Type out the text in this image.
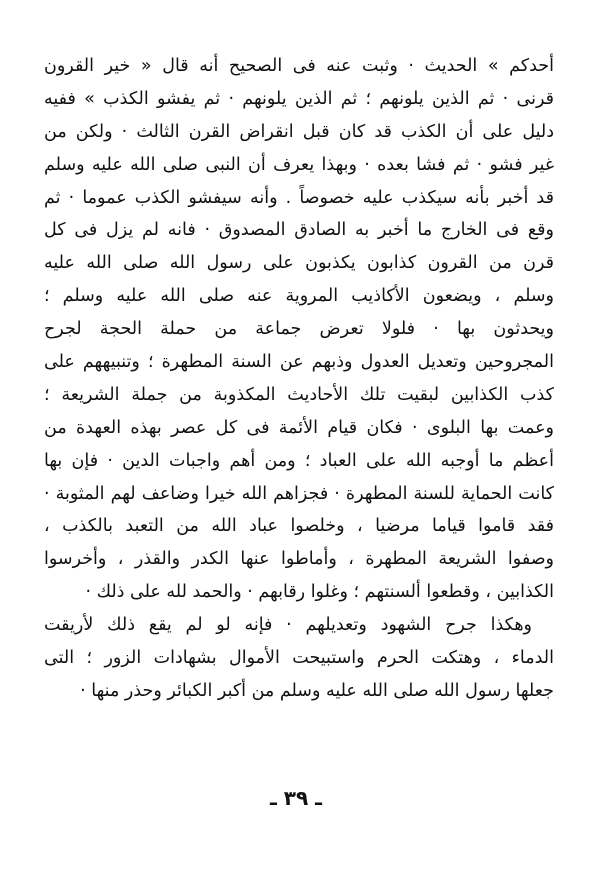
أحدكم » الحديث · وثبت عنه فى الصحيح أنه قال « خير القرون
قرنى · ثم الذين يلونهم ؛ ثم الذين يلونهم · ثم يفشو الكذب » ففيه
دليل على أن الكذب قد كان قبل انقراض القرن الثالث · ولكن من
غير فشو · ثم فشا بعده · وبهذا يعرف أن النبى صلى الله عليه وسلم
قد أخبر بأنه سيكذب عليه خصوصاً . وأنه سيفشو الكذب عموما · ثم
وقع فى الخارج ما أخبر به الصادق المصدوق · فانه لم يزل فى كل
قرن من القرون كذابون يكذبون على رسول الله صلى الله عليه
وسلم ، ويضعون الأكاذيب المروية عنه صلى الله عليه وسلم ؛
ويحدثون بها · فلولا تعرض جماعة من حملة الحجة لجرح
المجروحين وتعديل العدول وذبهم عن السنة المطهرة ؛ وتنبيههم على
كذب الكذابين لبقيت تلك الأحاديث المكذوبة من جملة الشريعة ؛
وعمت بها البلوى · فكان قيام الأئمة فى كل عصر بهذه العهدة من
أعظم ما أوجبه الله على العباد ؛ ومن أهم واجبات الدين · فإن بها
كانت الحماية للسنة المطهرة · فجزاهم الله خيرا وضاعف لهم المثوبة ·
فقد قاموا قياما مرضيا ، وخلصوا عباد الله من التعبد بالكذب ،
وصفوا الشريعة المطهرة ، وأماطوا عنها الكدر والقذر ، وأخرسوا
الكذابين ، وقطعوا ألسنتهم ؛ وغلوا رقابهم · والحمد لله على ذلك ·
وهكذا جرح الشهود وتعديلهم · فإنه لو لم يقع ذلك لأريقت
الدماء ، وهتكت الحرم واستبيحت الأموال بشهادات الزور ؛ التى
جعلها رسول الله صلى الله عليه وسلم من أكبر الكبائر وحذر منها ·
ـ ٣٩ ـ
